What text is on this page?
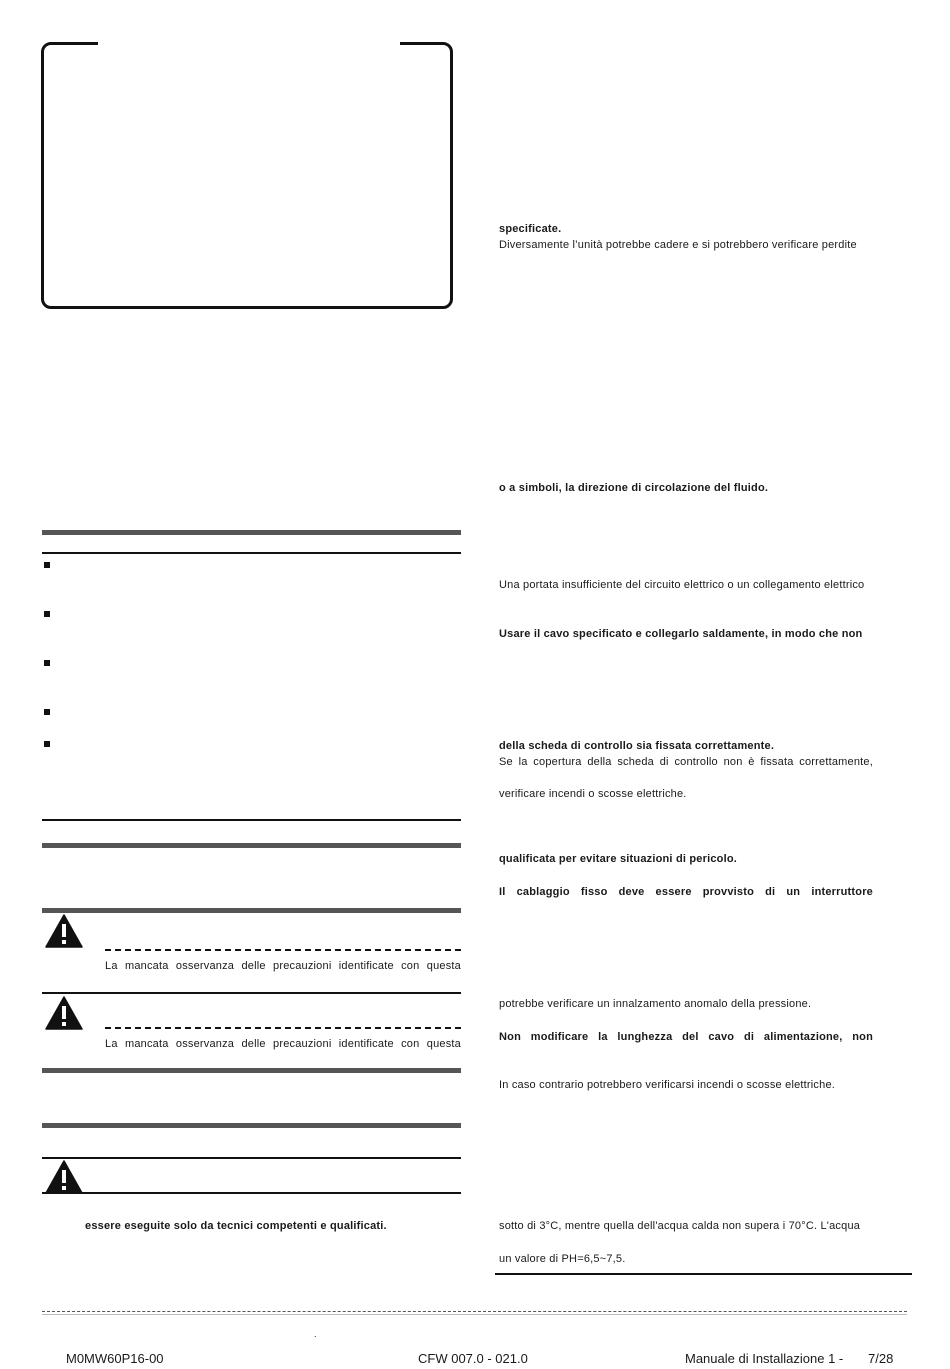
La mancata osservanza delle precauzioni identificate con questa
La mancata osservanza delle precauzioni identificate con questa
essere eseguite solo da tecnici competenti e qualificati.
specificate.
Diversamente l’unità potrebbe cadere e si potrebbero verificare perdite
o a simboli, la direzione di circolazione del fluido.
Una portata insufficiente del circuito elettrico o un collegamento elettrico
Usare il cavo specificato e collegarlo saldamente, in modo che non
della scheda di controllo sia fissata correttamente.
Se la copertura della scheda di controllo non è fissata correttamente,
verificare incendi o scosse elettriche.
qualificata per evitare situazioni di pericolo.
Il cablaggio fisso deve essere provvisto di un interruttore
potrebbe verificare un innalzamento anomalo della pressione.
Non modificare la lunghezza del cavo di alimentazione, non
In caso contrario potrebbero verificarsi incendi o scosse elettriche.
sotto di 3°C, mentre quella dell'acqua calda non supera i 70°C. L'acqua
un valore di PH=6,5~7,5.
.
M0MW60P16-00	CFW 007.0 - 021.0	Manuale di Installazione 1 - 7/28
